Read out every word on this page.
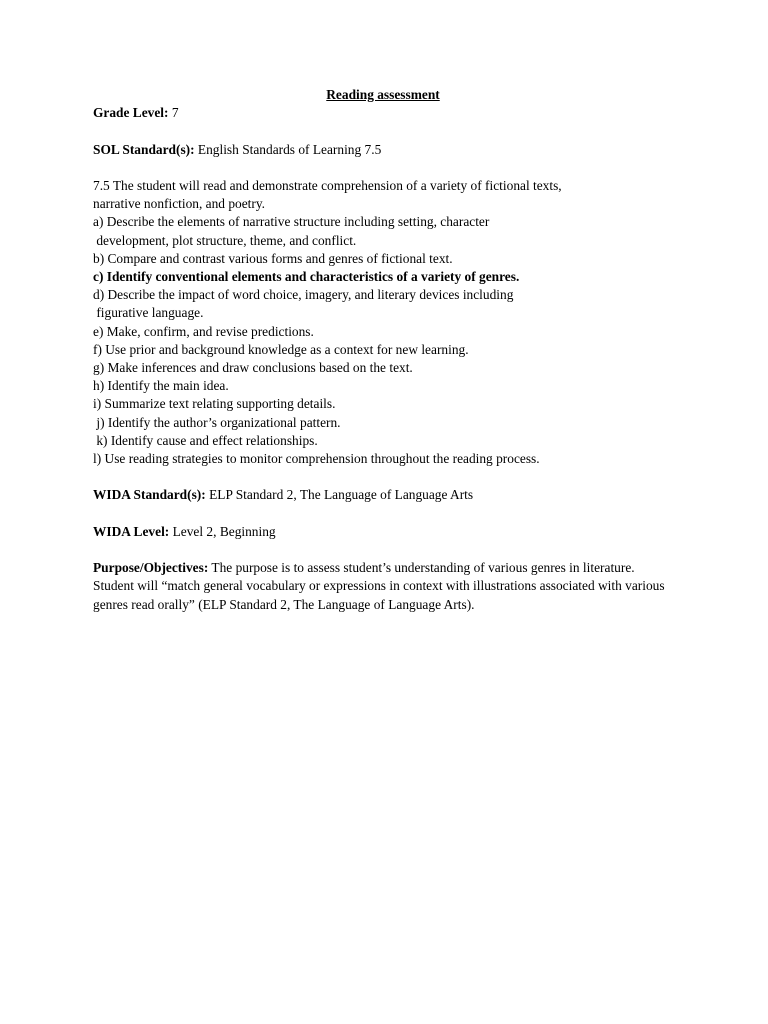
Reading assessment

Grade Level: 7

SOL Standard(s): English Standards of Learning 7.5

7.5 The student will read and demonstrate comprehension of a variety of fictional texts,

narrative nonfiction, and poetry.

a) Describe the elements of narrative structure including setting, character

development, plot structure, theme, and conflict.

b) Compare and contrast various forms and genres of fictional text.

c) Identify conventional elements and characteristics of a variety of genres.

d) Describe the impact of word choice, imagery, and literary devices including

figurative language.

e) Make, confirm, and revise predictions.

f) Use prior and background knowledge as a context for new learning.

g) Make inferences and draw conclusions based on the text.

h) Identify the main idea.

i) Summarize text relating supporting details.

j) Identify the author’s organizational pattern.

k) Identify cause and effect relationships.

l) Use reading strategies to monitor comprehension throughout the reading process.

WIDA Standard(s): ELP Standard 2, The Language of Language Arts

WIDA Level: Level 2, Beginning

Purpose/Objectives: The purpose is to assess student’s understanding of various genres in literature. Student will “match general vocabulary or expressions in context with illustrations associated with various genres read orally” (ELP Standard 2, The Language of Language Arts).
